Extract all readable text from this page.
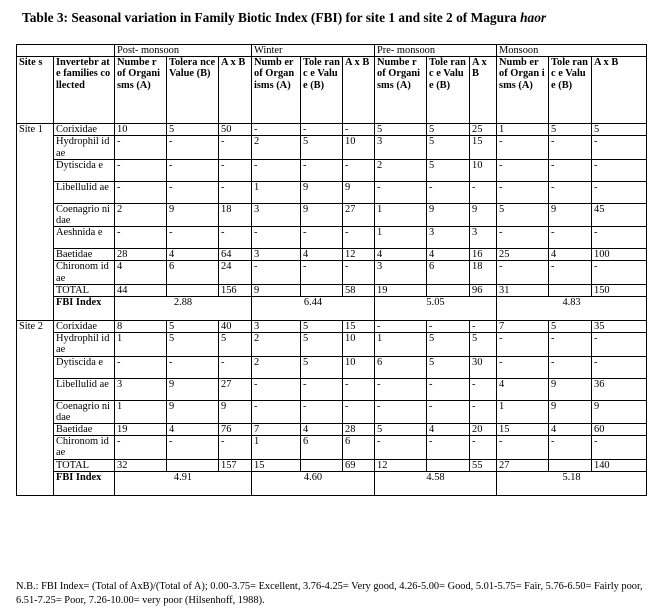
Table 3: Seasonal variation in Family Biotic Index (FBI) for site 1 and site 2 of Magura haor
		Post- monsoon			Winter			Pre- monsoon			Monsoon		
Site s	Invertebr ate families collected	Numbe r of Organi sms (A)	Tolera nce Value (B)	A x B	Numb er of Organ isms (A)	Tole ranc e Valu e (B)	A x B	Numbe r of Organi sms (A)	Tole ranc e Valu e (B)	A x B	Numb er of Organ isms (A)	Tole ranc e Valu e (B)	A x B
Site 1	Corixidae	10	5	50	-	-	-	5	5	25	1	5	5
	Hydrophil idae	-	-	-	2	5	10	3	5	15	-	-	-
	Dytiscida e	-	-	-	-	-	-	2	5	10	-	-	-
	Libellulid ae	-	-	-	1	9	9	-	-	-	-	-	-
	Coenagrio nidae	2	9	18	3	9	27	1	9	9	5	9	45
	Aeshnida e	-	-	-	-	-	-	1	3	3	-	-	-
	Baetidae	28	4	64	3	4	12	4	4	16	25	4	100
	Chironom idae	4	6	24	-	-	-	3	6	18	-	-	-
	TOTAL	44		156	9		58	19		96	31		150
	FBI Index	2.88			6.44			5.05			4.83		
Site 2	Corixidae	8	5	40	3	5	15	-	-	-	7	5	35
	Hydrophil idae	1	5	5	2	5	10	1	5	5	-	-	-
	Dytiscida e	-	-	-	2	5	10	6	5	30	-	-	-
	Libellulid ae	3	9	27	-	-	-	-	-	-	4	9	36
	Coenagrio nidae	1	9	9	-	-	-	-	-	-	1	9	9
	Baetidae	19	4	76	7	4	28	5	4	20	15	4	60
	Chironom idae	-	-	-	1	6	6	-	-	-	-	-	-
	TOTAL	32		157	15		69	12		55	27		140
	FBI Index	4.91			4.60			4.58			5.18		
N.B.: FBI Index= (Total of AxB)/(Total of A); 0.00-3.75= Excellent, 3.76-4.25= Very good, 4.26-5.00= Good, 5.01-5.75= Fair, 5.76-6.50= Fairly poor, 6.51-7.25= Poor, 7.26-10.00= very poor (Hilsenhoff, 1988).
